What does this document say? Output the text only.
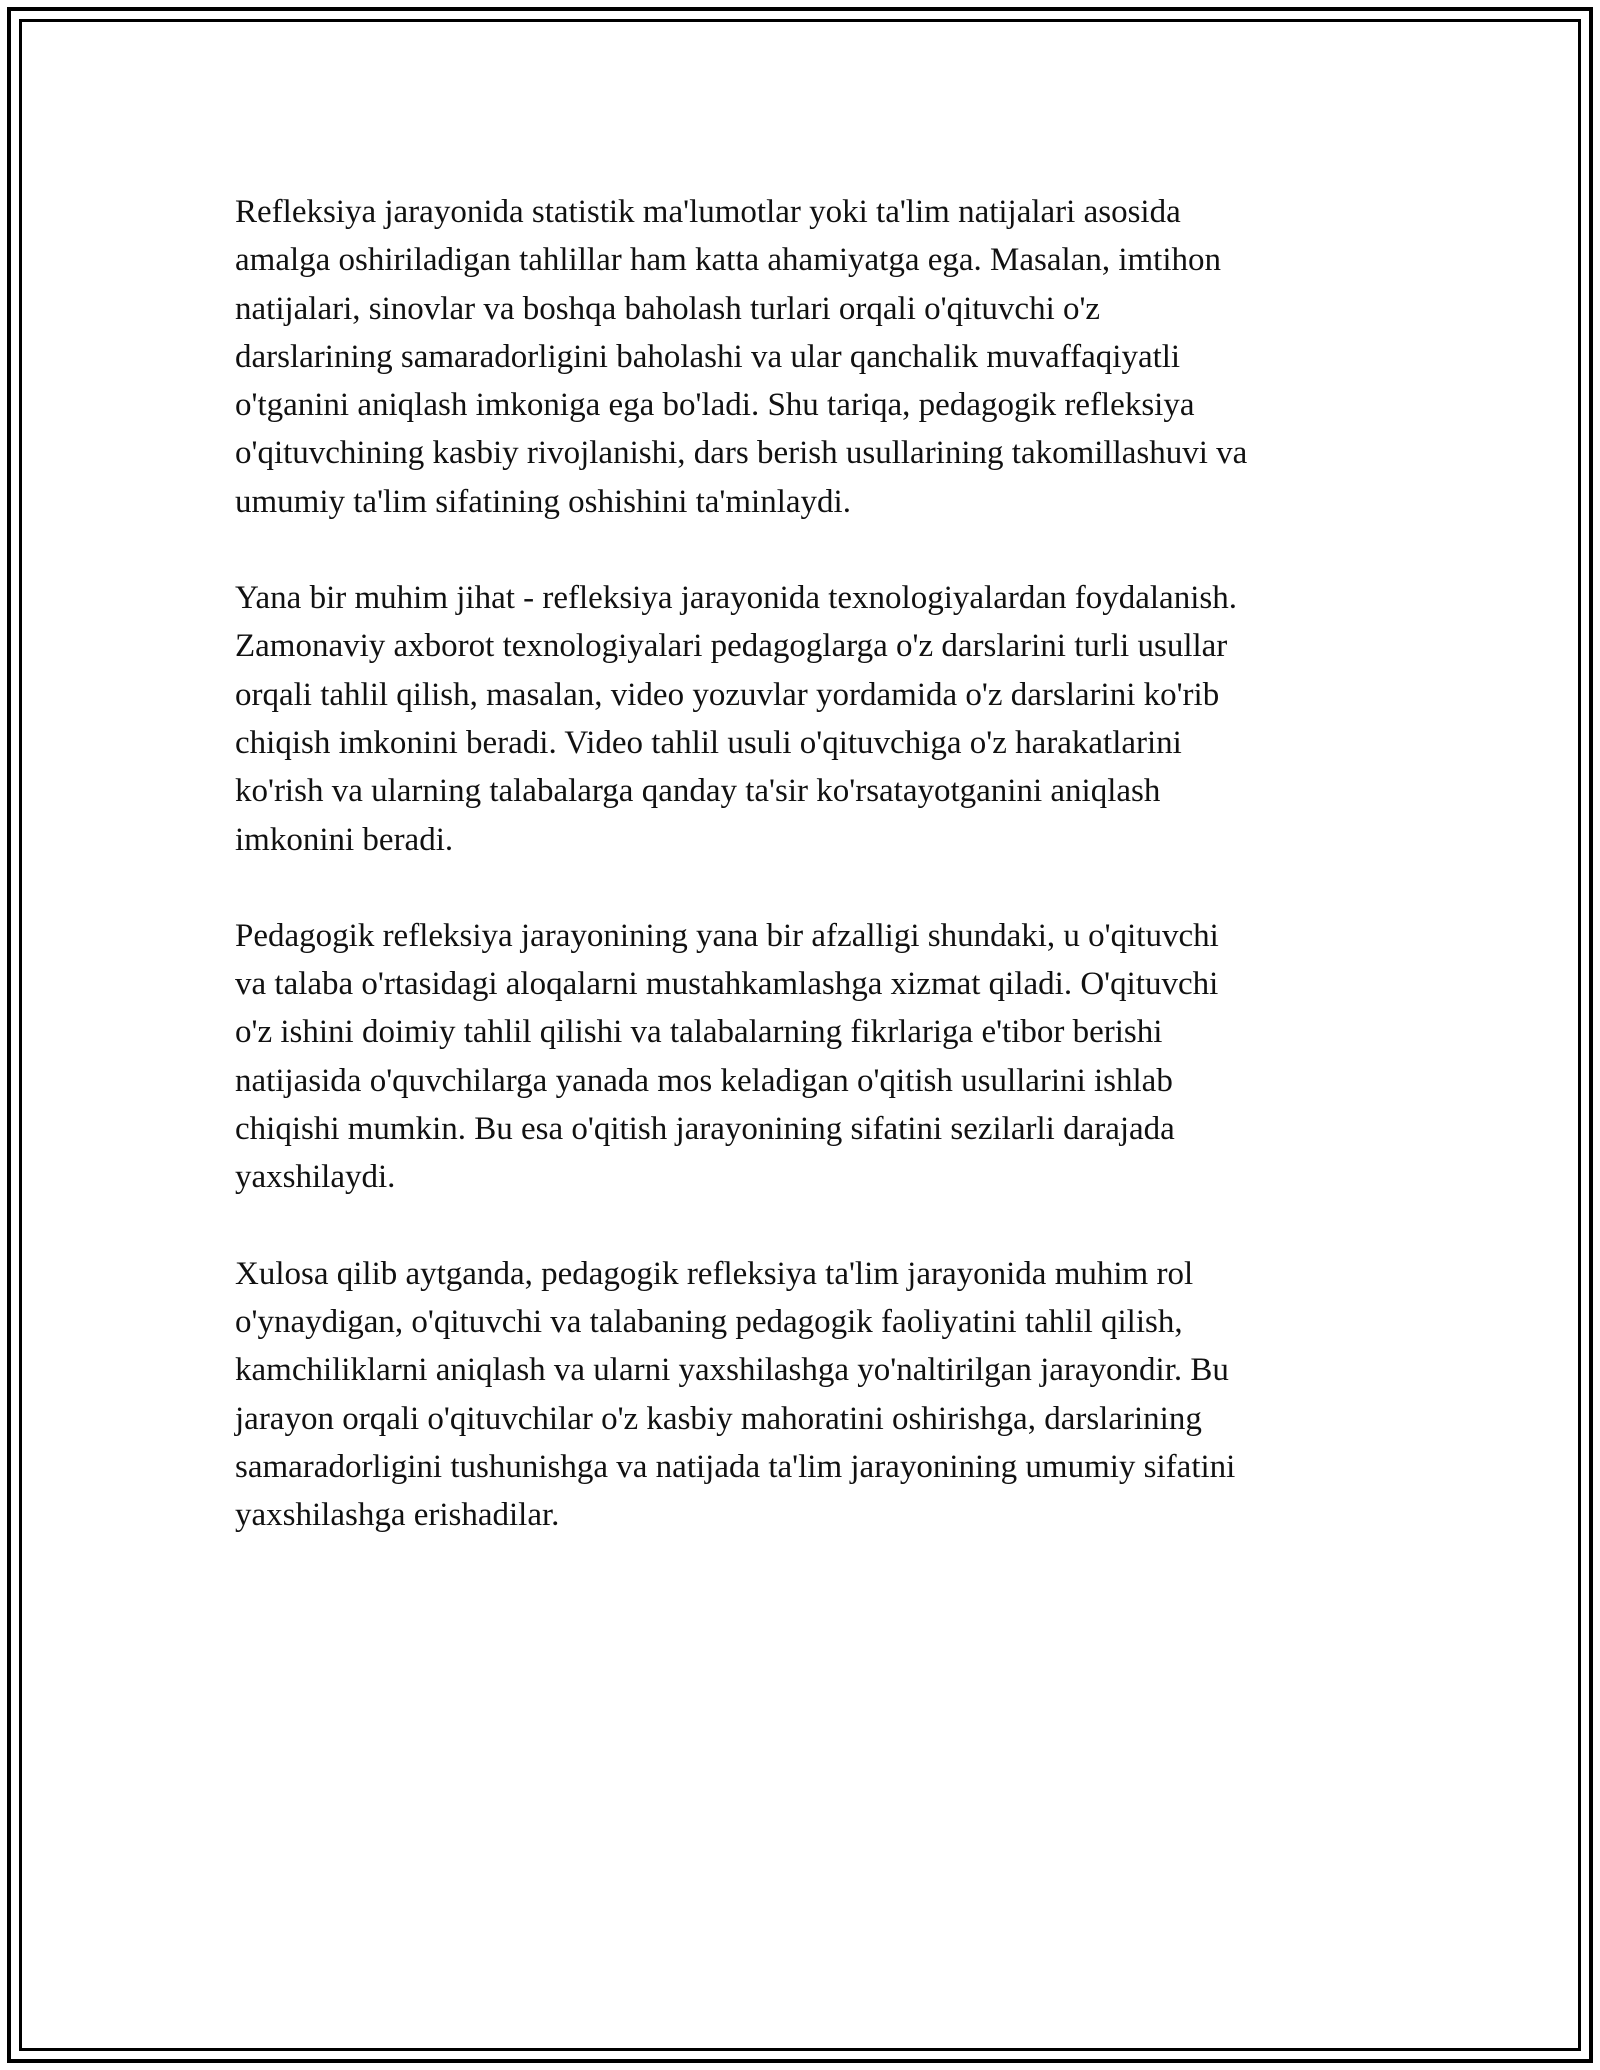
Refleksiya jarayonida statistik ma'lumotlar yoki ta'lim natijalari asosida
amalga oshiriladigan tahlillar ham katta ahamiyatga ega. Masalan, imtihon
natijalari, sinovlar va boshqa baholash turlari orqali o'qituvchi o'z
darslarining samaradorligini baholashi va ular qanchalik muvaffaqiyatli
o'tganini aniqlash imkoniga ega bo'ladi. Shu tariqa, pedagogik refleksiya
o'qituvchining kasbiy rivojlanishi, dars berish usullarining takomillashuvi va
umumiy ta'lim sifatining oshishini ta'minlaydi.

Yana bir muhim jihat - refleksiya jarayonida texnologiyalardan foydalanish.
Zamonaviy axborot texnologiyalari pedagoglarga o'z darslarini turli usullar
orqali tahlil qilish, masalan, video yozuvlar yordamida o'z darslarini ko'rib
chiqish imkonini beradi. Video tahlil usuli o'qituvchiga o'z harakatlarini
ko'rish va ularning talabalarga qanday ta'sir ko'rsatayotganini aniqlash
imkonini beradi.

Pedagogik refleksiya jarayonining yana bir afzalligi shundaki, u o'qituvchi
va talaba o'rtasidagi aloqalarni mustahkamlashga xizmat qiladi. O'qituvchi
o'z ishini doimiy tahlil qilishi va talabalarning fikrlariga e'tibor berishi
natijasida o'quvchilarga yanada mos keladigan o'qitish usullarini ishlab
chiqishi mumkin. Bu esa o'qitish jarayonining sifatini sezilarli darajada
yaxshilaydi.

Xulosa qilib aytganda, pedagogik refleksiya ta'lim jarayonida muhim rol
o'ynaydigan, o'qituvchi va talabaning pedagogik faoliyatini tahlil qilish,
kamchiliklarni aniqlash va ularni yaxshilashga yo'naltirilgan jarayondir. Bu
jarayon orqali o'qituvchilar o'z kasbiy mahoratini oshirishga, darslarining
samaradorligini tushunishga va natijada ta'lim jarayonining umumiy sifatini
yaxshilashga erishadilar.
